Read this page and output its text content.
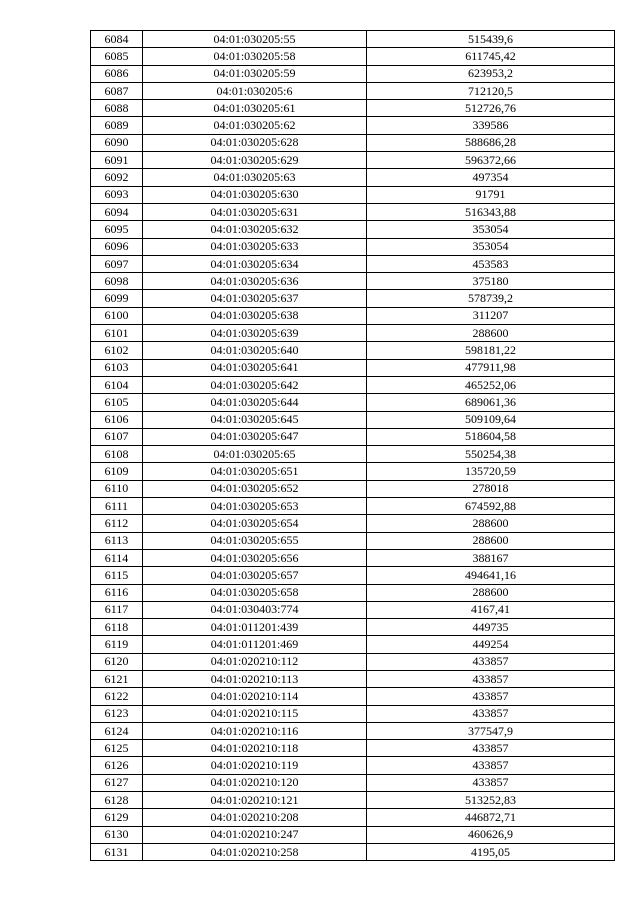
6084	04:01:030205:55	515439,6
6085	04:01:030205:58	611745,42
6086	04:01:030205:59	623953,2
6087	04:01:030205:6	712120,5
6088	04:01:030205:61	512726,76
6089	04:01:030205:62	339586
6090	04:01:030205:628	588686,28
6091	04:01:030205:629	596372,66
6092	04:01:030205:63	497354
6093	04:01:030205:630	91791
6094	04:01:030205:631	516343,88
6095	04:01:030205:632	353054
6096	04:01:030205:633	353054
6097	04:01:030205:634	453583
6098	04:01:030205:636	375180
6099	04:01:030205:637	578739,2
6100	04:01:030205:638	311207
6101	04:01:030205:639	288600
6102	04:01:030205:640	598181,22
6103	04:01:030205:641	477911,98
6104	04:01:030205:642	465252,06
6105	04:01:030205:644	689061,36
6106	04:01:030205:645	509109,64
6107	04:01:030205:647	518604,58
6108	04:01:030205:65	550254,38
6109	04:01:030205:651	135720,59
6110	04:01:030205:652	278018
6111	04:01:030205:653	674592,88
6112	04:01:030205:654	288600
6113	04:01:030205:655	288600
6114	04:01:030205:656	388167
6115	04:01:030205:657	494641,16
6116	04:01:030205:658	288600
6117	04:01:030403:774	4167,41
6118	04:01:011201:439	449735
6119	04:01:011201:469	449254
6120	04:01:020210:112	433857
6121	04:01:020210:113	433857
6122	04:01:020210:114	433857
6123	04:01:020210:115	433857
6124	04:01:020210:116	377547,9
6125	04:01:020210:118	433857
6126	04:01:020210:119	433857
6127	04:01:020210:120	433857
6128	04:01:020210:121	513252,83
6129	04:01:020210:208	446872,71
6130	04:01:020210:247	460626,9
6131	04:01:020210:258	4195,05
